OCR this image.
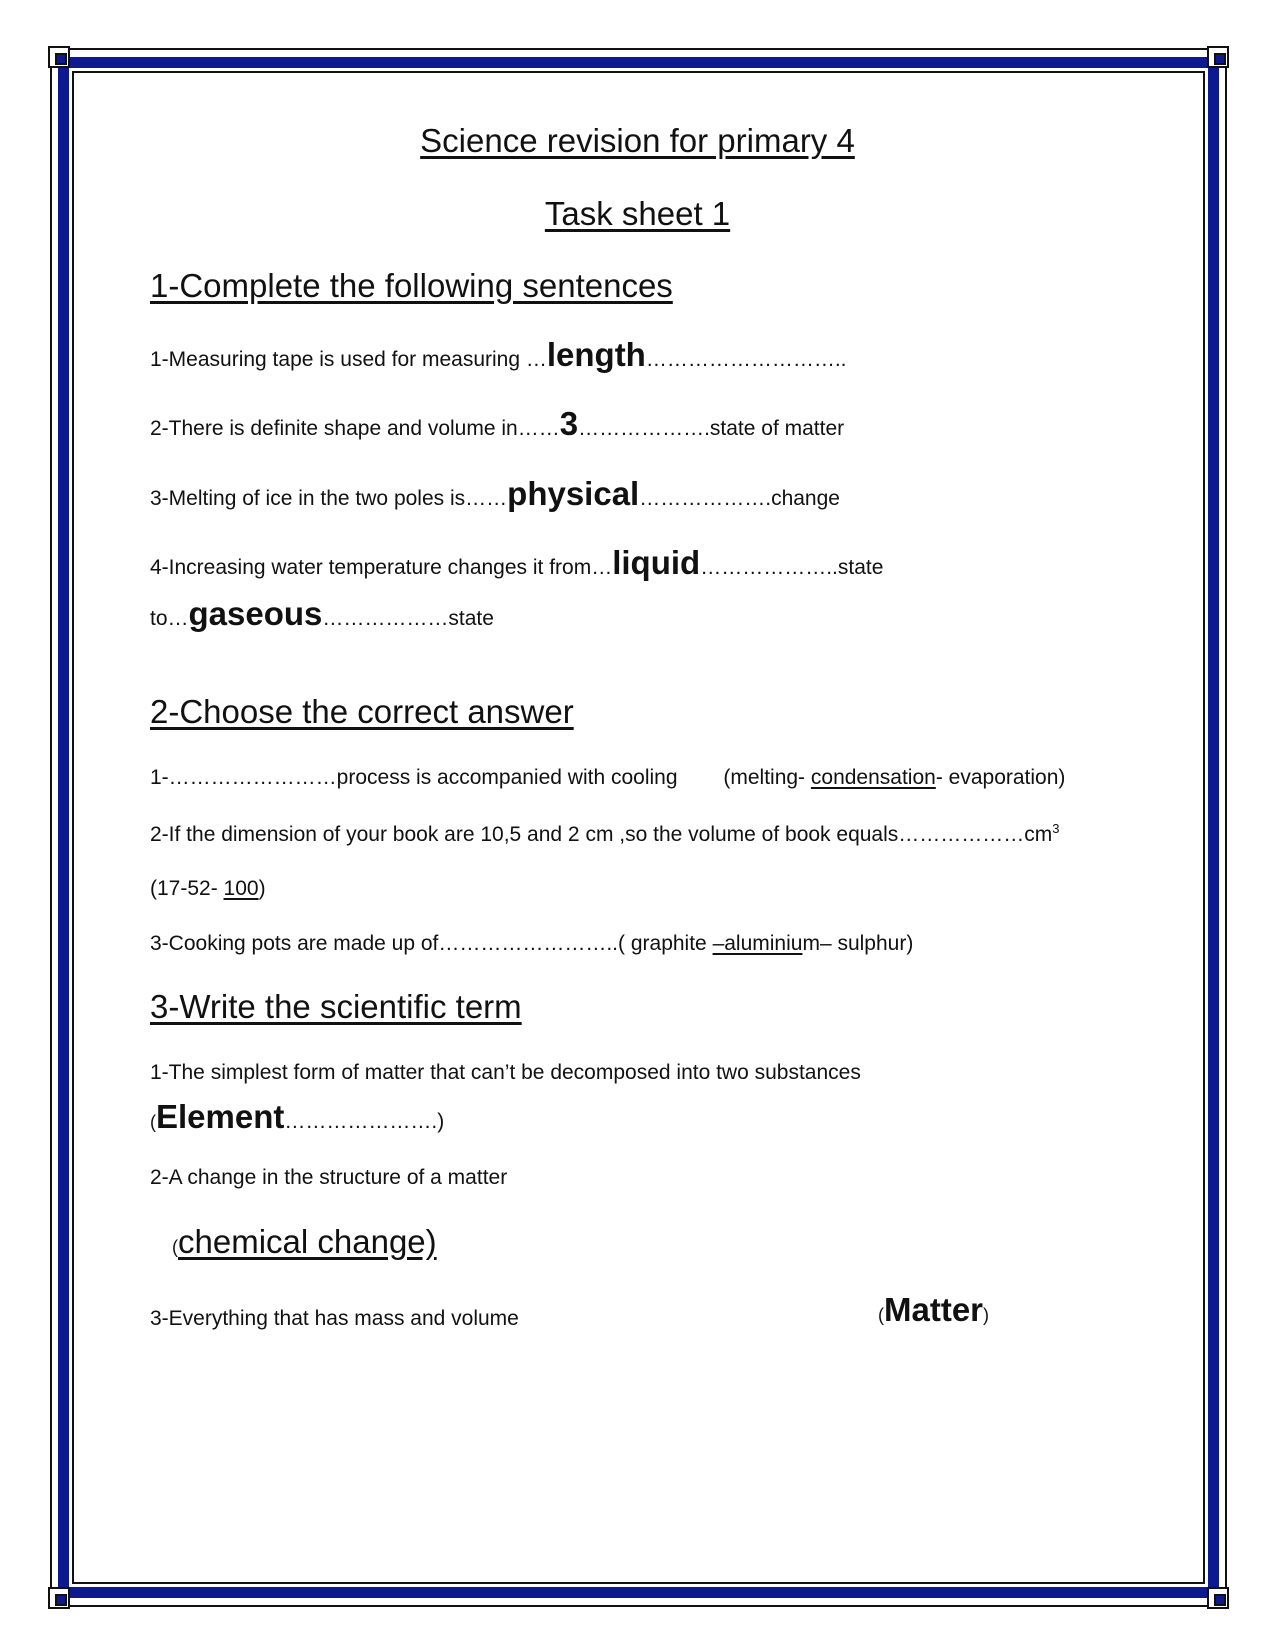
Science revision for primary 4
Task sheet 1
1-Complete the following sentences
1-Measuring tape is used for measuring …length………………………..
2-There is definite shape and volume in……3……………….state of matter
3-Melting of ice in the two poles is……physical……………….change
4-Increasing water temperature changes it from…liquid………………..state
to…gaseous………………state
2-Choose the correct answer
1-……………………process is accompanied with cooling (melting- condensation- evaporation)
2-If the dimension of your book are 10,5 and 2 cm ,so the volume of book $equals\dots\dots\dots\dots\dots\dots cm^3$
(17-52- 100)
3-Cooking pots are made up of……………………..( graphite –aluminium– sulphur)
3-Write the scientific term
1-The simplest form of matter that can’t be decomposed into two substances
(Element………………….)
2-A change in the structure of a matter
(chemical change)
3-Everything that has mass and volume	(Matter)
